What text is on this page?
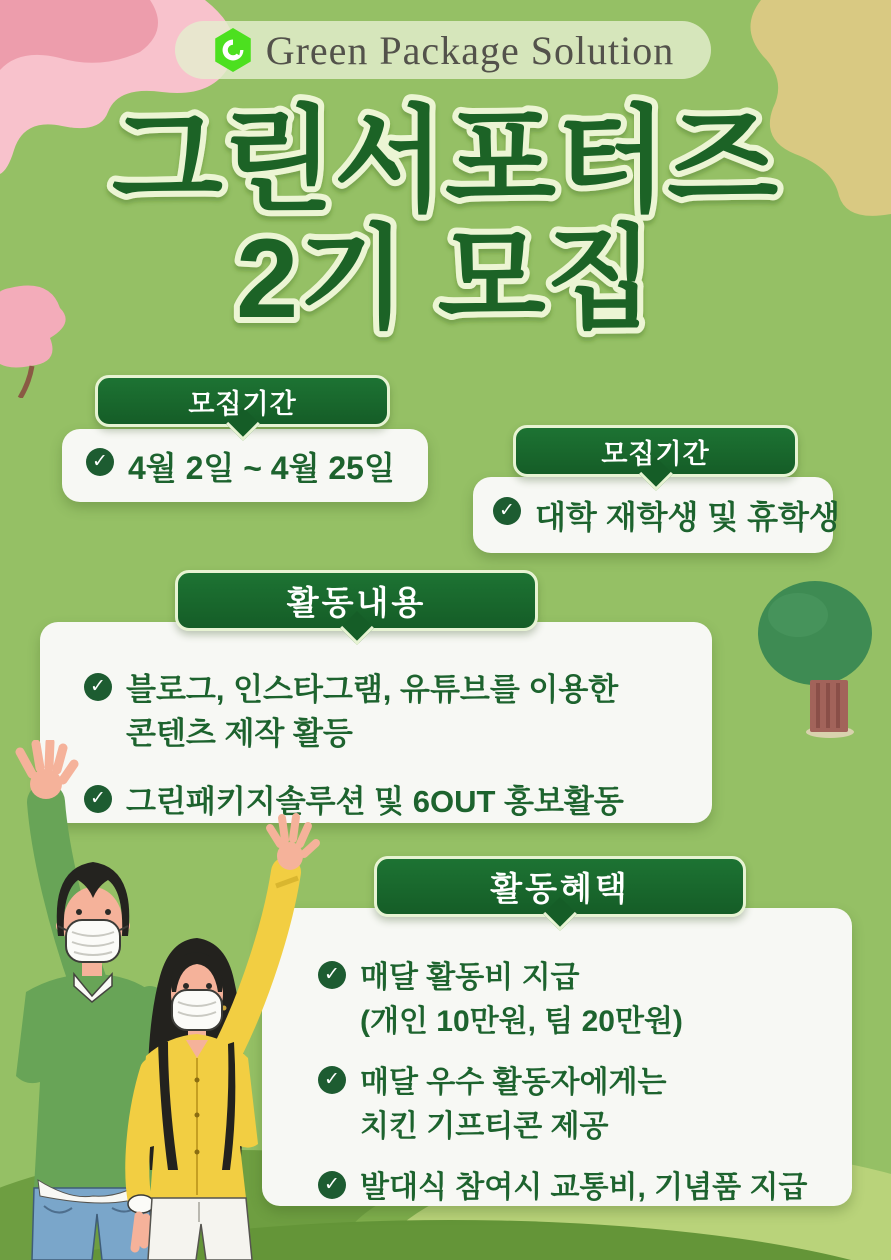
Green Package Solution
그린서포터즈
2기 모집
✓ 4월 2일 ~ 4월 25일
모집기간
✓ 대학 재학생 및 휴학생
모집기간
✓ 블로그, 인스타그램, 유튜브를 이용한
콘텐츠 제작 활등
✓ 그린패키지솔루션 및 6OUT 홍보활동
활동내용
✓ 매달 활동비 지급
(개인 10만원, 팀 20만원)
✓ 매달 우수 활동자에게는
치킨 기프티콘 제공
✓ 발대식 참여시 교통비, 기념품 지급
활동혜택
